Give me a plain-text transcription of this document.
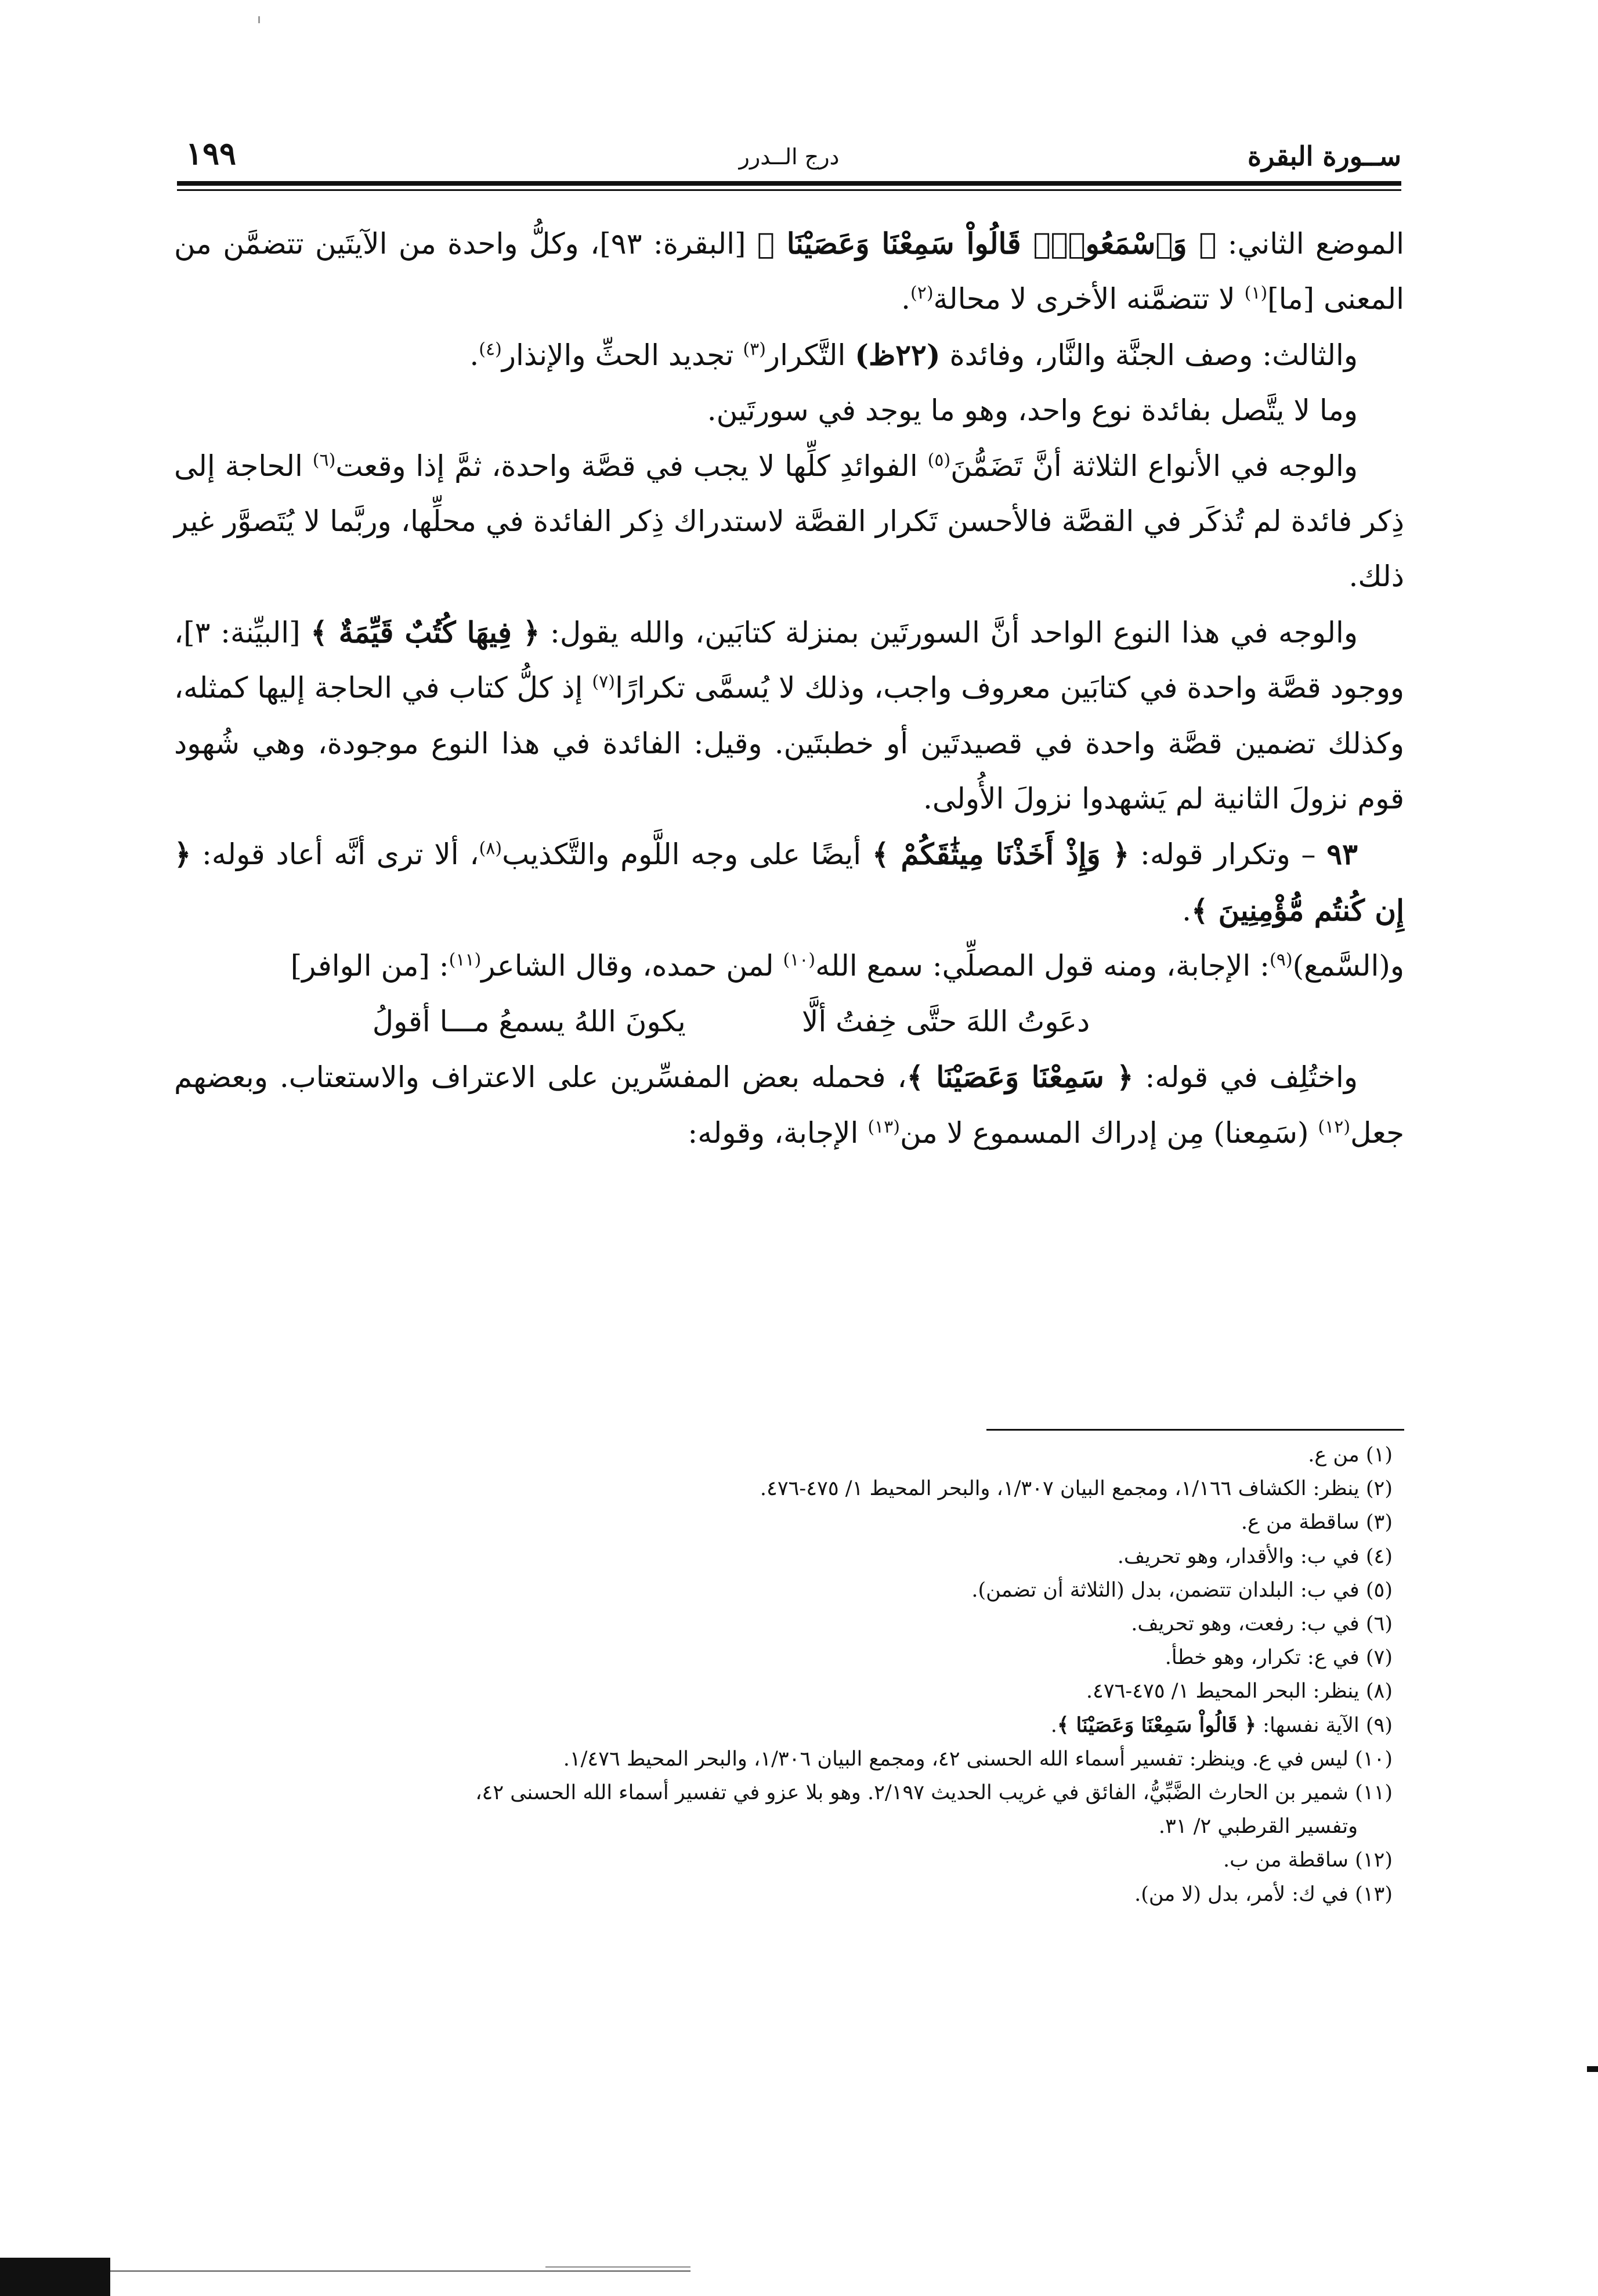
ســورة البقرة
درج الــدرر
١٩٩

الموضع الثاني: ﴿ وَٱسْمَعُواْۖ قَالُواْ سَمِعْنَا وَعَصَيْنَا ﴾ [البقرة: ٩٣]، وكلُّ واحدة من الآيتَين تتضمَّن من المعنى [ما]$^{(١)}$ لا تتضمَّنه الأخرى لا محالة$^{(٢)}$.

والثالث: وصف الجنَّة والنَّار، وفائدة (٢٢ظ) التَّكرار$^{(٣)}$ تجديد الحثِّ والإنذار$^{(٤)}$.

وما لا يتَّصل بفائدة نوع واحد، وهو ما يوجد في سورتَين.

والوجه في الأنواع الثلاثة أنَّ تَضَمُّنَ$^{(٥)}$ الفوائدِ كلِّها لا يجب في قصَّة واحدة، ثمَّ إذا وقعت$^{(٦)}$ الحاجة إلى ذِكر فائدة لم تُذكَر في القصَّة فالأحسن تَكرار القصَّة لاستدراك ذِكر الفائدة في محلِّها، وربَّما لا يُتَصوَّر غير ذلك.

والوجه في هذا النوع الواحد أنَّ السورتَين بمنزلة كتابَين، والله يقول: ﴿ فِيهَا كُتُبٌ قَيِّمَةٌ ﴾ [البيِّنة: ٣]، ووجود قصَّة واحدة في كتابَين معروف واجب، وذلك لا يُسمَّى تكرارًا$^{(٧)}$ إذ كلُّ كتاب في الحاجة إليها كمثله، وكذلك تضمين قصَّة واحدة في قصيدتَين أو خطبتَين. وقيل: الفائدة في هذا النوع موجودة، وهي شُهود قوم نزولَ الثانية لم يَشهدوا نزولَ الأُولى.

٩٣ – وتكرار قوله: ﴿ وَإِذْ أَخَذْنَا مِيثَٰقَكُمْ ﴾ أيضًا على وجه اللَّوم والتَّكذيب$^{(٨)}$، ألا ترى أنَّه أعاد قوله: ﴿ إِن كُنتُم مُّؤْمِنِينَ ﴾.

و(السَّمع)$^{(٩)}$: الإجابة، ومنه قول المصلِّي: سمع الله$^{(١٠)}$ لمن حمده، وقال الشاعر$^{(١١)}$: [من الوافر]

دعَوتُ اللهَ حتَّى خِفتُ ألَّا
يكونَ اللهُ يسمعُ مـــا أقولُ

واختُلِف في قوله: ﴿ سَمِعْنَا وَعَصَيْنَا ﴾، فحمله بعض المفسِّرين على الاعتراف والاستعتاب. وبعضهم جعل$^{(١٢)}$ (سَمِعنا) مِن إدراك المسموع لا من$^{(١٣)}$ الإجابة، وقوله:

(١) من ع.

(٢) ينظر: الكشاف ١/١٦٦، ومجمع البيان ١/٣٠٧، والبحر المحيط ١/ ٤٧٥-٤٧٦.

(٣) ساقطة من ع.

(٤) في ب: والأقدار، وهو تحريف.

(٥) في ب: البلدان تتضمن، بدل (الثلاثة أن تضمن).

(٦) في ب: رفعت، وهو تحريف.

(٧) في ع: تكرار، وهو خطأ.

(٨) ينظر: البحر المحيط ١/ ٤٧٥-٤٧٦.

(٩) الآية نفسها: ﴿ قَالُواْ سَمِعْنَا وَعَصَيْنَا ﴾.

(١٠) ليس في ع. وينظر: تفسير أسماء الله الحسنى ٤٢، ومجمع البيان ١/٣٠٦، والبحر المحيط ١/٤٧٦.

(١١) شمير بن الحارث الضَّبِّيُّ، الفائق في غريب الحديث ٢/١٩٧. وهو بلا عزو في تفسير أسماء الله الحسنى ٤٢،

وتفسير القرطبي ٢/ ٣١.

(١٢) ساقطة من ب.

(١٣) في ك: لأمر، بدل (لا من).
